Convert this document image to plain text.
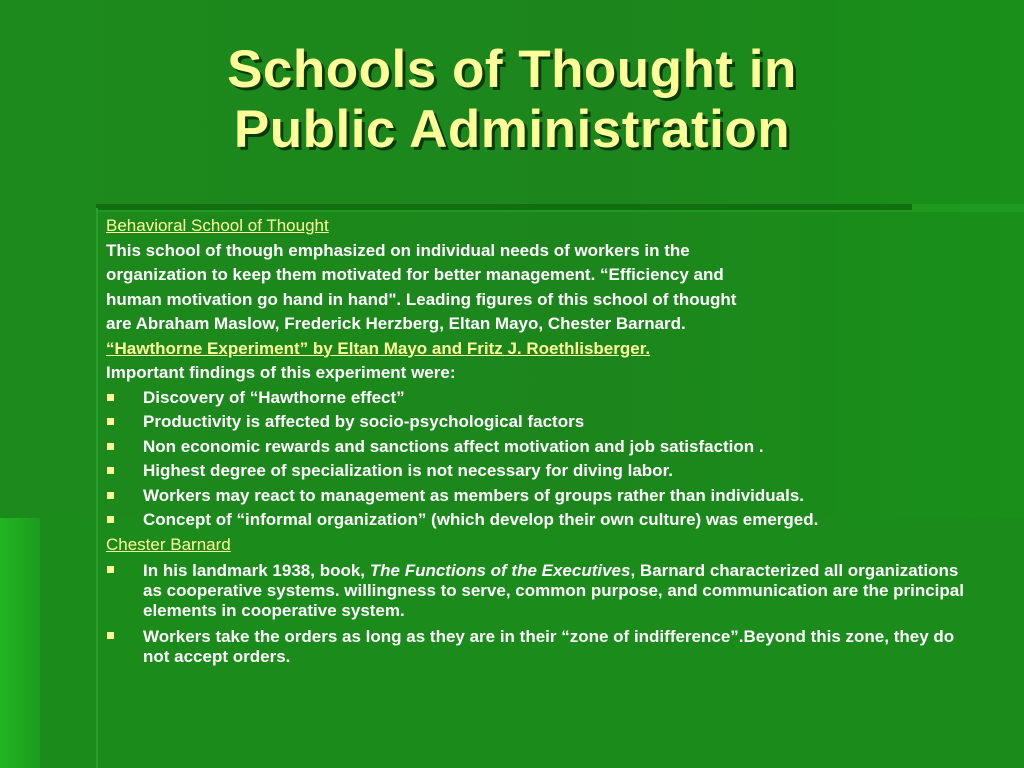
Schools of Thought in
Public Administration
Behavioral School of Thought
This school of though emphasized on individual needs of workers in the
organization to keep them motivated for better management. “Efficiency and
human motivation go hand in hand". Leading figures of this school of thought
are Abraham Maslow, Frederick Herzberg, Eltan Mayo, Chester Barnard.
“Hawthorne Experiment” by Eltan Mayo and Fritz J. Roethlisberger.
Important findings of this experiment were:
Discovery of “Hawthorne effect”
Productivity is affected by socio-psychological factors
Non economic rewards and sanctions affect motivation and job satisfaction .
Highest degree of specialization is not necessary for diving labor.
Workers may react to management as members of groups rather than individuals.
Concept of “informal organization” (which develop their own culture) was emerged.
Chester Barnard
In his landmark 1938, book, The Functions of the Executives, Barnard characterized all organizations as cooperative systems. willingness to serve, common purpose, and communication are the principal elements in cooperative system.
Workers take the orders as long as they are in their “zone of indifference”.Beyond this zone, they do not accept orders.
